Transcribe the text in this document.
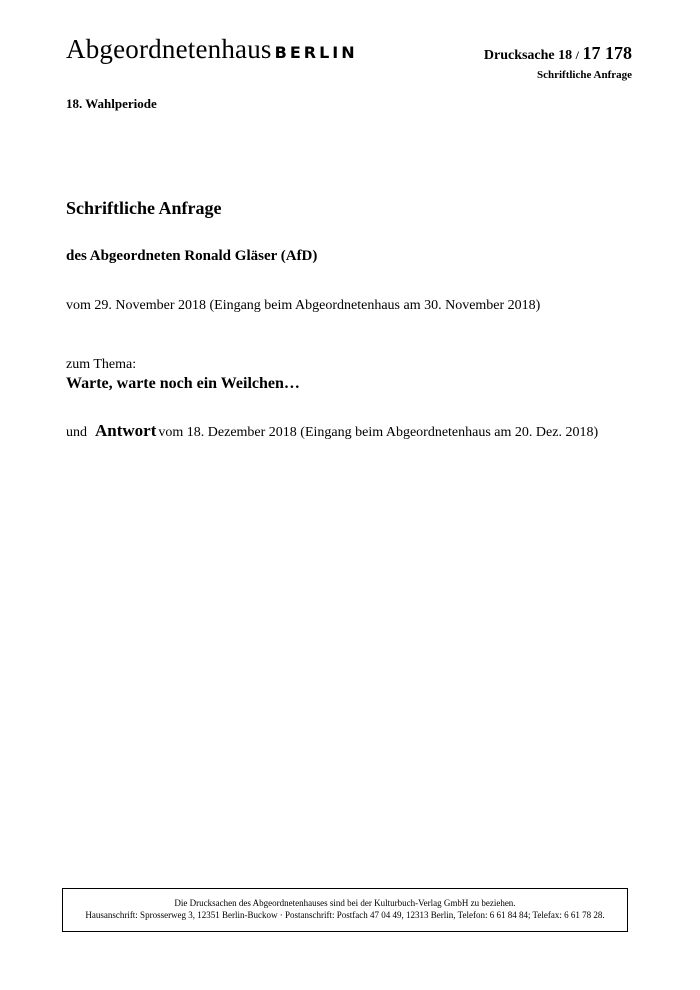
Abgeordnetenhaus BERLIN	Drucksache 18 / 17 178
Schriftliche Anfrage
18. Wahlperiode
Schriftliche Anfrage
des Abgeordneten Ronald Gläser (AfD)
vom 29. November 2018 (Eingang beim Abgeordnetenhaus am 30. November 2018)
zum Thema:
Warte, warte noch ein Weilchen…
und Antwort vom 18. Dezember 2018 (Eingang beim Abgeordnetenhaus am 20. Dez. 2018)
Die Drucksachen des Abgeordnetenhauses sind bei der Kulturbuch-Verlag GmbH zu beziehen.
Hausanschrift: Sprosserweg 3, 12351 Berlin-Buckow · Postanschrift: Postfach 47 04 49, 12313 Berlin, Telefon: 6 61 84 84; Telefax: 6 61 78 28.
